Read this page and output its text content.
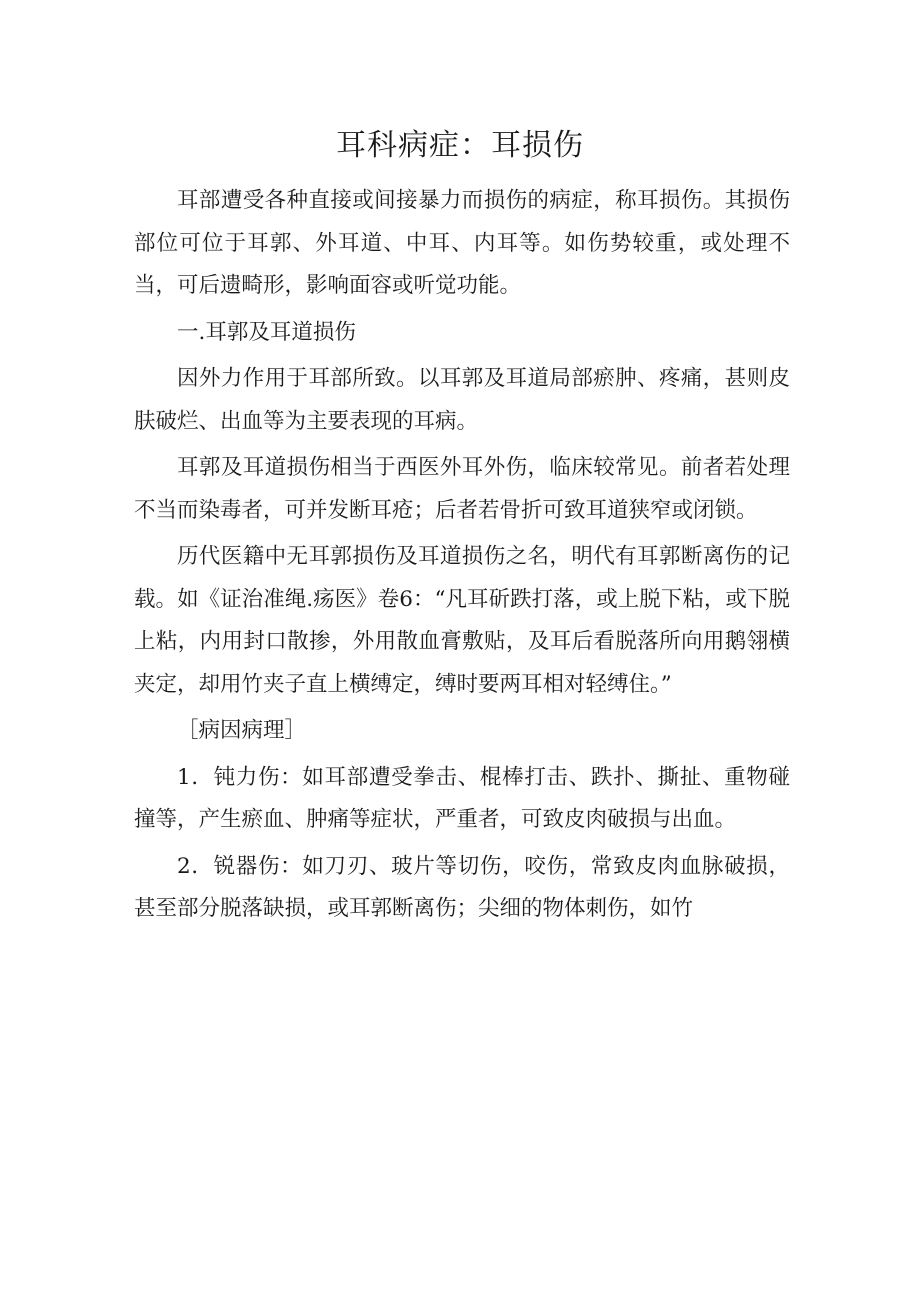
耳科病症：耳损伤

耳部遭受各种直接或间接暴力而损伤的病症，称耳损伤。其损伤部位可位于耳郭、外耳道、中耳、内耳等。如伤势较重，或处理不当，可后遗畸形，影响面容或听觉功能。

一.耳郭及耳道损伤

因外力作用于耳部所致。以耳郭及耳道局部瘀肿、疼痛，甚则皮肤破烂、出血等为主要表现的耳病。

耳郭及耳道损伤相当于西医外耳外伤，临床较常见。前者若处理不当而染毒者，可并发断耳疮；后者若骨折可致耳道狭窄或闭锁。

历代医籍中无耳郭损伤及耳道损伤之名，明代有耳郭断离伤的记载。如《证治准绳.疡医》卷6：“凡耳斫跌打落，或上脱下粘，或下脱上粘，内用封口散掺，外用散血膏敷贴，及耳后看脱落所向用鹅翎横夹定，却用竹夹子直上横缚定，缚时要两耳相对轻缚住。”

［病因病理］

1．钝力伤：如耳部遭受拳击、棍棒打击、跌扑、撕扯、重物碰撞等，产生瘀血、肿痛等症状，严重者，可致皮肉破损与出血。

2．锐器伤：如刀刃、玻片等切伤，咬伤，常致皮肉血脉破损，甚至部分脱落缺损，或耳郭断离伤；尖细的物体刺伤，如竹
